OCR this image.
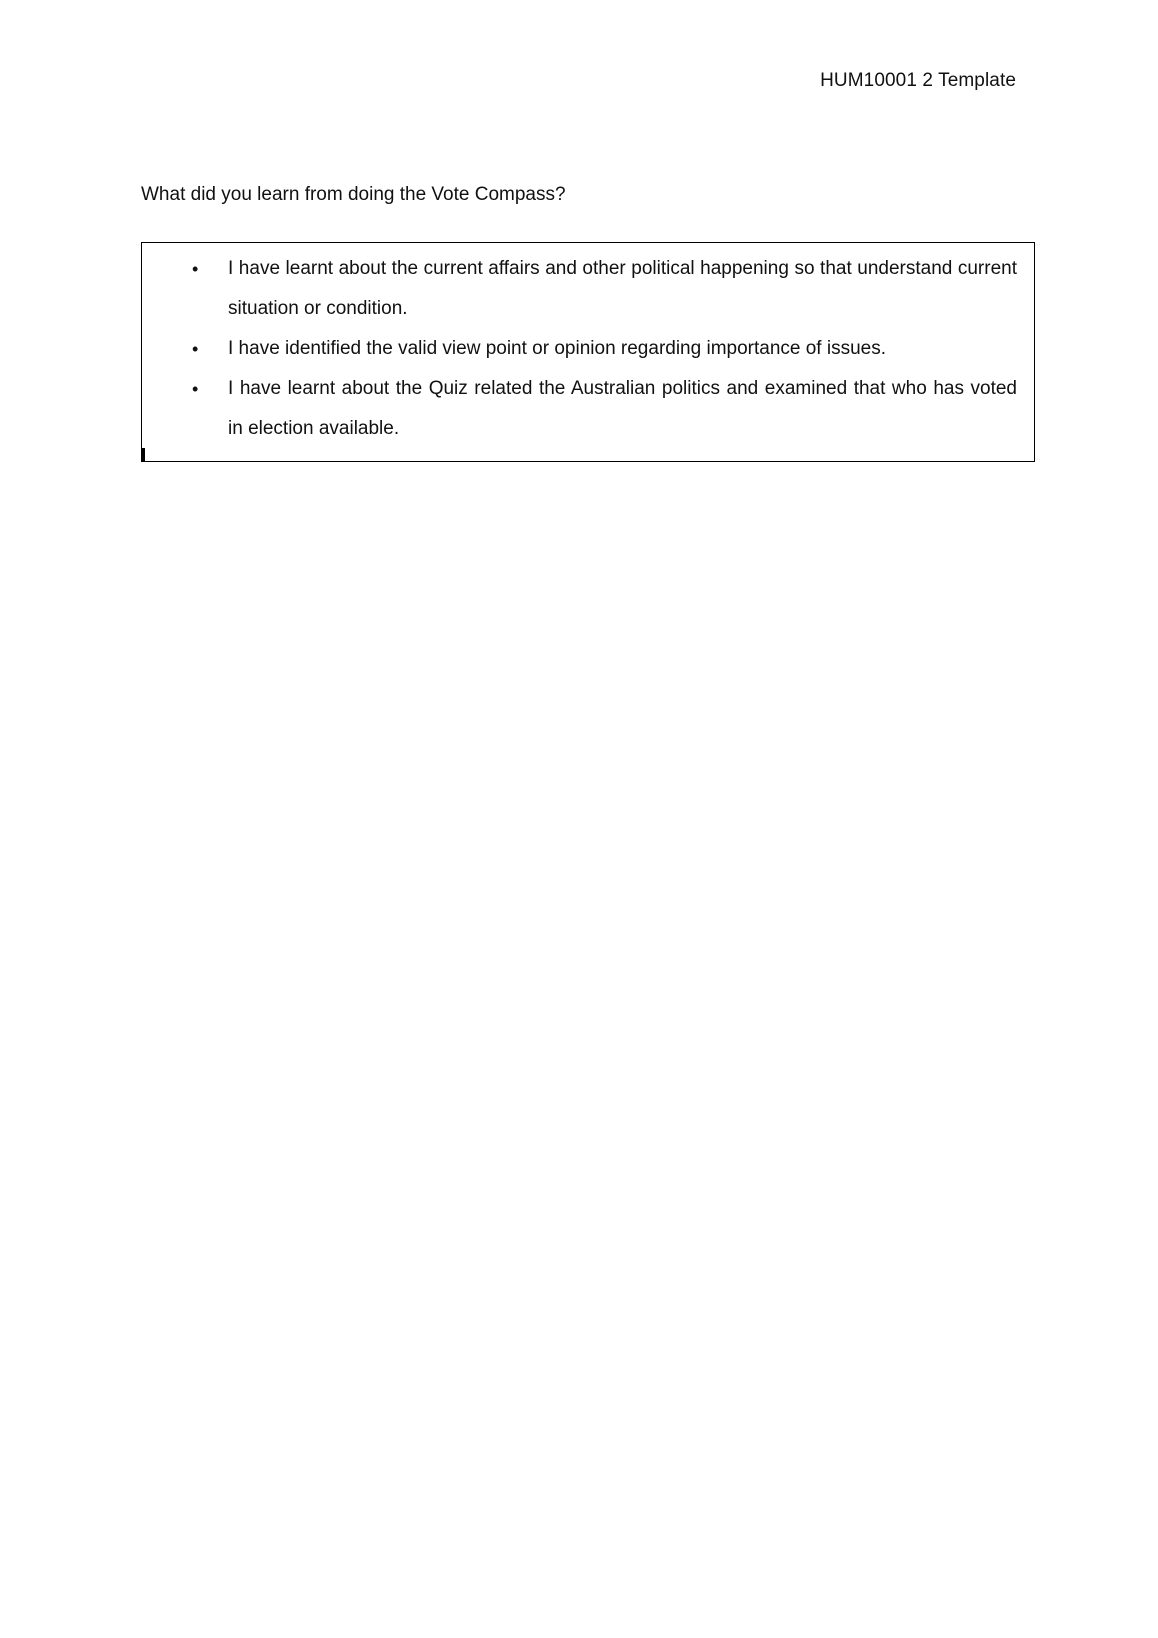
HUM10001 2 Template
What did you learn from doing the Vote Compass?
•	I have learnt about the current affairs and other political happening so that understand current situation or condition.
•	I have identified the valid view point or opinion regarding importance of issues.
•	I have learnt about the Quiz related the Australian politics and examined that who has voted in election available.
